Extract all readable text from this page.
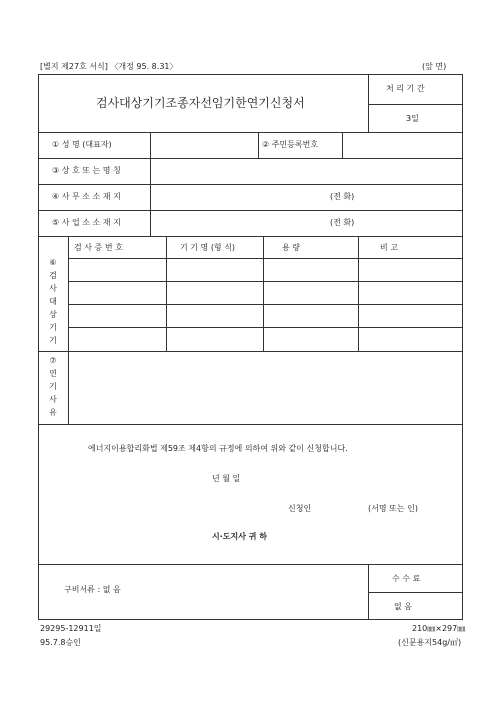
[별지 제27호 서식] 〈개정 95. 8.31〉	(앞 면)
검사대상기기조종자선임기한연기신청서
처 리 기 간
3일
① 성 명 (대표자)	② 주민등록번호
③ 상 호 또 는 명 칭
④ 사 무 소 소 재 지	(전 화)
⑤ 사 업 소 소 재 지	(전 화)
⑥
검
사
대
상
기
기
검 사 증 번 호	기 기 명 (형 식)	용 량	비 고
⑦
연
기
사
유
에너지이용합리화법 제59조 제4항의 규정에 의하여 위와 같이 신청합니다.
년 월 일
신청인	(서명 또는 인)
시·도지사 귀 하
구비서류 : 없 음
수 수 료
없 음
29295-12911일
95.7.8승인
210㎜×297㎜
(신문용지54g/㎡)
